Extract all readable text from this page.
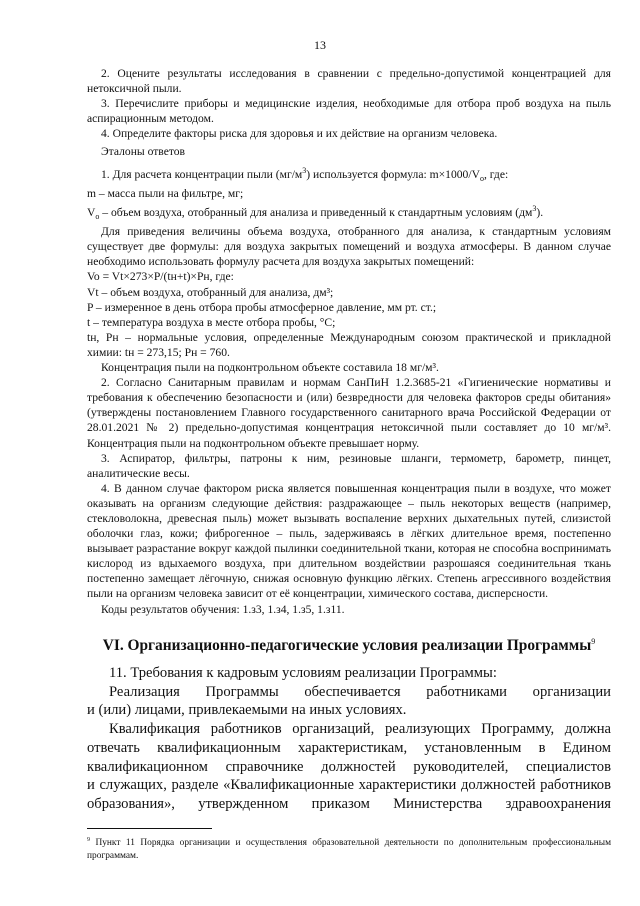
13

2. Оцените результаты исследования в сравнении с предельно-допустимой концентрацией для нетоксичной пыли.

3. Перечислите приборы и медицинские изделия, необходимые для отбора проб воздуха на пыль аспирационным методом.

4. Определите факторы риска для здоровья и их действие на организм человека.

Эталоны ответов

1. Для расчета концентрации пыли $(мг/м^3)$ используется формула: $m\times 1000/V_o$, где:

m – масса пыли на фильтре, мг;

$V_o$ – объем воздуха, отобранный для анализа и приведенный к стандартным условиям $(дм^3)$.

Для приведения величины объема воздуха, отобранного для анализа, к стандартным условиям существует две формулы: для воздуха закрытых помещений и воздуха атмосферы. В данном случае необходимо использовать формулу расчета для воздуха закрытых помещений:

Vo = Vt×273×P/(tн+t)×Pн, где:

Vt – объем воздуха, отобранный для анализа, дм³;

P – измеренное в день отбора пробы атмосферное давление, мм рт. ст.;

t – температура воздуха в месте отбора пробы, °С;

tн, Pн – нормальные условия, определенные Международным союзом практической и прикладной химии: tн = 273,15; Pн = 760.

Концентрация пыли на подконтрольном объекте составила 18 мг/м³.

2. Согласно Санитарным правилам и нормам СанПиН 1.2.3685-21 «Гигиенические нормативы и требования к обеспечению безопасности и (или) безвредности для человека факторов среды обитания» (утверждены постановлением Главного государственного санитарного врача Российской Федерации от 28.01.2021 № 2) предельно-допустимая концентрация нетоксичной пыли составляет до 10 мг/м³. Концентрация пыли на подконтрольном объекте превышает норму.

3. Аспиратор, фильтры, патроны к ним, резиновые шланги, термометр, барометр, пинцет, аналитические весы.

4. В данном случае фактором риска является повышенная концентрация пыли в воздухе, что может оказывать на организм следующие действия: раздражающее – пыль некоторых веществ (например, стекловолокна, древесная пыль) может вызывать воспаление верхних дыхательных путей, слизистой оболочки глаз, кожи; фиброгенное – пыль, задерживаясь в лёгких длительное время, постепенно вызывает разрастание вокруг каждой пылинки соединительной ткани, которая не способна воспринимать кислород из вдыхаемого воздуха, при длительном воздействии разрошаяся соединительная ткань постепенно замещает лёгочную, снижая основную функцию лёгких. Степень агрессивного воздействия пыли на организм человека зависит от её концентрации, химического состава, дисперсности.

Коды результатов обучения: 1.з3, 1.з4, 1.з5, 1.з11.

VI. Организационно-педагогические условия реализации Программы$^9$

11. Требования к кадровым условиям реализации Программы:

Реализация Программы обеспечивается работниками организации

и (или) лицами, привлекаемыми на иных условиях.

Квалификация работников организаций, реализующих Программу, должна

отвечать квалификационным характеристикам, установленным в Едином

квалификационном справочнике должностей руководителей, специалистов

и служащих, разделе «Квалификационные характеристики должностей работников

образования», утвержденном приказом Министерства здравоохранения

$^9$ Пункт 11 Порядка организации и осуществления образовательной деятельности по дополнительным профессиональным программам.
